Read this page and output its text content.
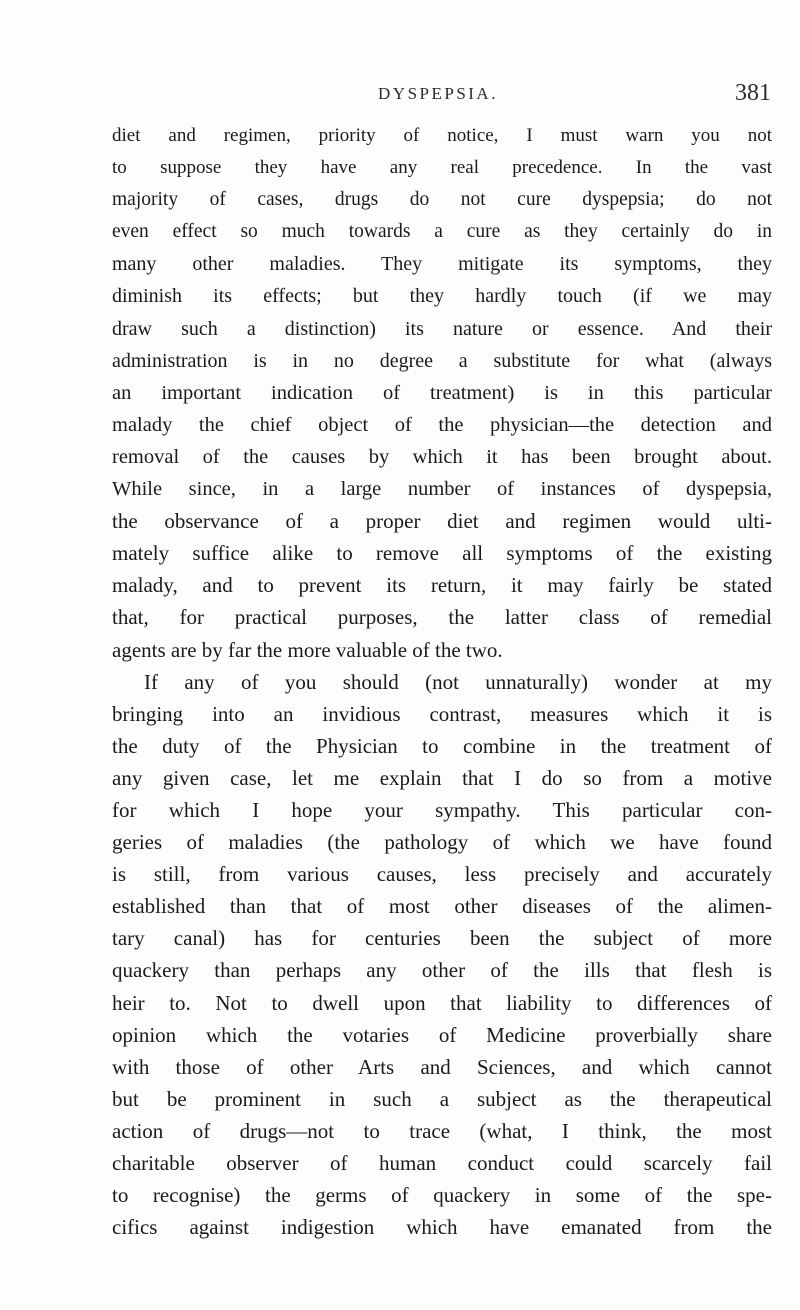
DYSPEPSIA.	381
diet and regimen, priority of notice, I must warn you not
to suppose they have any real precedence. In the vast
majority of cases, drugs do not cure dyspepsia; do not
even effect so much towards a cure as they certainly do in
many other maladies. They mitigate its symptoms, they
diminish its effects; but they hardly touch (if we may
draw such a distinction) its nature or essence. And their
administration is in no degree a substitute for what (always
an important indication of treatment) is in this particular
malady the chief object of the physician—the detection and
removal of the causes by which it has been brought about.
While since, in a large number of instances of dyspepsia,
the observance of a proper diet and regimen would ulti-
mately suffice alike to remove all symptoms of the existing
malady, and to prevent its return, it may fairly be stated
that, for practical purposes, the latter class of remedial
agents are by far the more valuable of the two.
If any of you should (not unnaturally) wonder at my
bringing into an invidious contrast, measures which it is
the duty of the Physician to combine in the treatment of
any given case, let me explain that I do so from a motive
for which I hope your sympathy. This particular con-
geries of maladies (the pathology of which we have found
is still, from various causes, less precisely and accurately
established than that of most other diseases of the alimen-
tary canal) has for centuries been the subject of more
quackery than perhaps any other of the ills that flesh is
heir to. Not to dwell upon that liability to differences of
opinion which the votaries of Medicine proverbially share
with those of other Arts and Sciences, and which cannot
but be prominent in such a subject as the therapeutical
action of drugs—not to trace (what, I think, the most
charitable observer of human conduct could scarcely fail
to recognise) the germs of quackery in some of the spe-
cifics against indigestion which have emanated from the
